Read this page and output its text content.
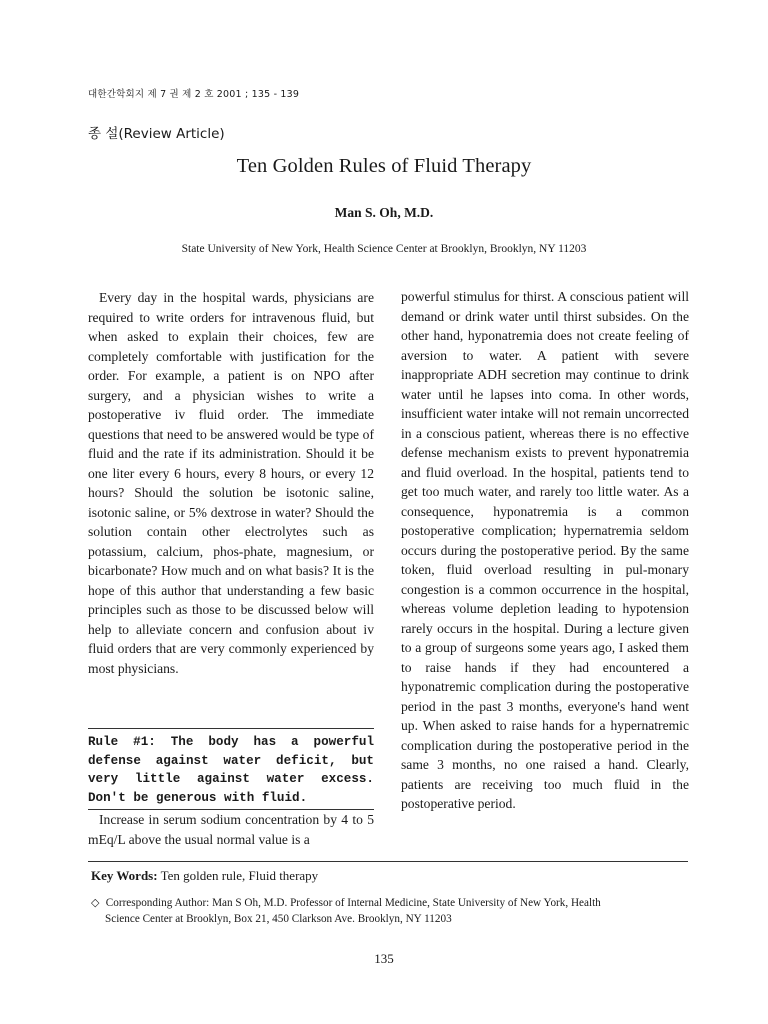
대한간학회지 제 7 권 제 2 호 2001 ; 135 - 139
종 설(Review Article)
Ten Golden Rules of Fluid Therapy
Man S. Oh, M.D.
State University of New York, Health Science Center at Brooklyn, Brooklyn, NY 11203

Every day in the hospital wards, physicians are required to write orders for intravenous fluid, but when asked to explain their choices, few are completely comfortable with justification for the order. For example, a patient is on NPO after surgery, and a physician wishes to write a postoperative iv fluid order. The immediate questions that need to be answered would be type of fluid and the rate if its administration. Should it be one liter every 6 hours, every 8 hours, or every 12 hours? Should the solution be isotonic saline, isotonic saline, or 5% dextrose in water? Should the solution contain other electrolytes such as potassium, calcium, phos-phate, magnesium, or bicarbonate? How much and on what basis? It is the hope of this author that understanding a few basic principles such as those to be discussed below will help to alleviate concern and confusion about iv fluid orders that are very commonly experienced by most physicians.

Rule #1: The body has a powerful defense against water deficit, but very little against water excess. Don't be generous with fluid.

Increase in serum sodium concentration by 4 to 5 mEq/L above the usual normal value is a

powerful stimulus for thirst. A conscious patient will demand or drink water until thirst subsides. On the other hand, hyponatremia does not create feeling of aversion to water. A patient with severe inappropriate ADH secretion may continue to drink water until he lapses into coma. In other words, insufficient water intake will not remain uncorrected in a conscious patient, whereas there is no effective defense mechanism exists to prevent hyponatremia and fluid overload. In the hospital, patients tend to get too much water, and rarely too little water. As a consequence, hyponatremia is a common postoperative complication; hypernatremia seldom occurs during the postoperative period. By the same token, fluid overload resulting in pul-monary congestion is a common occurrence in the hospital, whereas volume depletion leading to hypotension rarely occurs in the hospital. During a lecture given to a group of surgeons some years ago, I asked them to raise hands if they had encountered a hyponatremic complication during the postoperative period in the past 3 months, everyone's hand went up. When asked to raise hands for a hypernatremic complication during the postoperative period in the same 3 months, no one raised a hand. Clearly, patients are receiving too much fluid in the postoperative period.

Key Words: Ten golden rule, Fluid therapy
◇ Corresponding Author: Man S Oh, M.D. Professor of Internal Medicine, State University of New York, Health
Science Center at Brooklyn, Box 21, 450 Clarkson Ave. Brooklyn, NY 11203
135
